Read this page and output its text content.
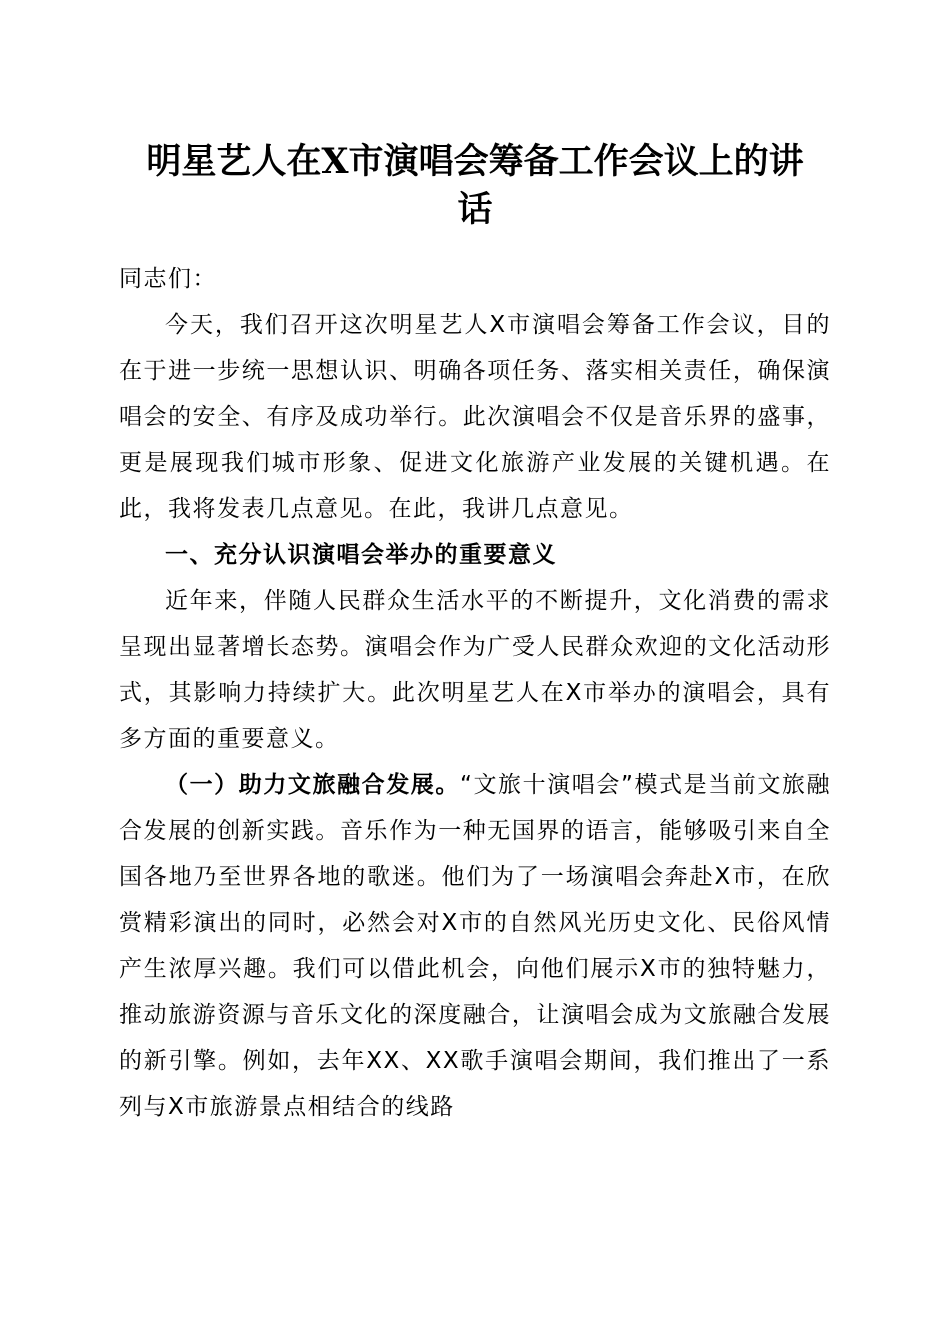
明星艺人在X市演唱会筹备工作会议上的讲
话

同志们：

今天，我们召开这次明星艺人X市演唱会筹备工作会议，目的在于进一步统一思想认识、明确各项任务、落实相关责任，确保演唱会的安全、有序及成功举行。此次演唱会不仅是音乐界的盛事，更是展现我们城市形象、促进文化旅游产业发展的关键机遇。在此，我将发表几点意见。在此，我讲几点意见。

一、充分认识演唱会举办的重要意义

近年来，伴随人民群众生活水平的不断提升，文化消费的需求呈现出显著增长态势。演唱会作为广受人民群众欢迎的文化活动形式，其影响力持续扩大。此次明星艺人在X市举办的演唱会，具有多方面的重要意义。

（一）助力文旅融合发展。“文旅十演唱会”模式是当前文旅融合发展的创新实践。音乐作为一种无国界的语言，能够吸引来自全国各地乃至世界各地的歌迷。他们为了一场演唱会奔赴X市，在欣赏精彩演出的同时，必然会对X市的自然风光历史文化、民俗风情产生浓厚兴趣。我们可以借此机会，向他们展示X市的独特魅力，推动旅游资源与音乐文化的深度融合，让演唱会成为文旅融合发展的新引擎。例如，去年XX、XX歌手演唱会期间，我们推出了一系列与X市旅游景点相结合的线路
